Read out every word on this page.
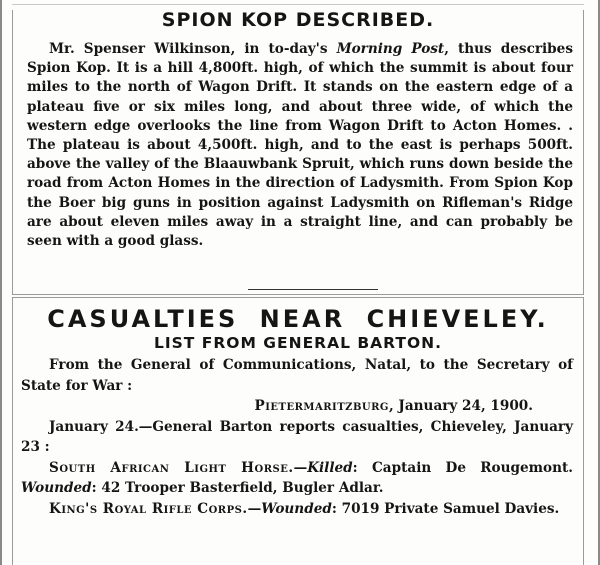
SPION KOP DESCRIBED.

Mr. Spenser Wilkinson, in to-day's Morning Post, thus describes Spion Kop. It is a hill 4,800ft. high, of which the summit is about four miles to the north of Wagon Drift. It stands on the eastern edge of a plateau five or six miles long, and about three wide, of which the western edge overlooks the line from Wagon Drift to Acton Homes. . The plateau is about 4,500ft. high, and to the east is perhaps 500ft. above the valley of the Blaauwbank Spruit, which runs down beside the road from Acton Homes in the direction of Ladysmith. From Spion Kop the Boer big guns in position against Ladysmith on Rifleman's Ridge are about eleven miles away in a straight line, and can probably be seen with a good glass.

CASUALTIES NEAR CHIEVELEY.
LIST FROM GENERAL BARTON.

From the General of Communications, Natal, to the Secretary of State for War :

Pietermaritzburg, January 24, 1900.

January 24.—General Barton reports casualties, Chieveley, January 23 :

South African Light Horse.—Killed: Captain De Rougemont. Wounded: 42 Trooper Basterfield, Bugler Adlar.

King's Royal Rifle Corps.—Wounded: 7019 Private Samuel Davies.
